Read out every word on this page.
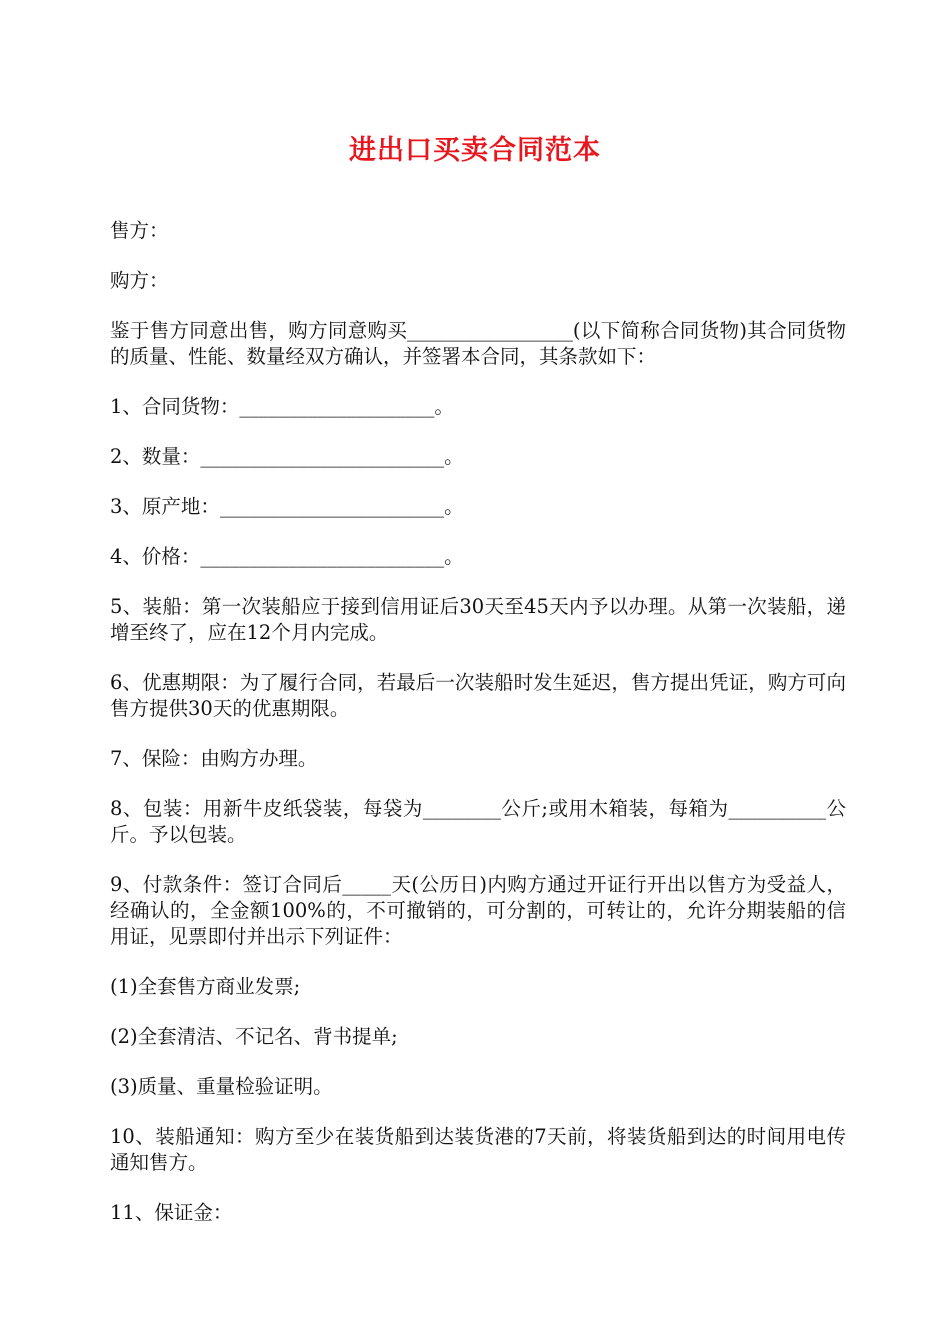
进出口买卖合同范本

售方：

购方：

鉴于售方同意出售，购方同意购买_________________(以下简称合同货物)其合同货物的质量、性能、数量经双方确认，并签署本合同，其条款如下：

1、合同货物：____________________。

2、数量：_________________________。

3、原产地：_______________________。

4、价格：_________________________。

5、装船：第一次装船应于接到信用证后30天至45天内予以办理。从第一次装船，递增至终了，应在12个月内完成。

6、优惠期限：为了履行合同，若最后一次装船时发生延迟，售方提出凭证，购方可向售方提供30天的优惠期限。

7、保险：由购方办理。

8、包装：用新牛皮纸袋装，每袋为________公斤;或用木箱装，每箱为__________公斤。予以包装。

9、付款条件：签订合同后_____天(公历日)内购方通过开证行开出以售方为受益人，经确认的，全金额100%的，不可撤销的，可分割的，可转让的，允许分期装船的信用证，见票即付并出示下列证件：

(1)全套售方商业发票;

(2)全套清洁、不记名、背书提单;

(3)质量、重量检验证明。

10、装船通知：购方至少在装货船到达装货港的7天前，将装货船到达的时间用电传通知售方。

11、保证金：
